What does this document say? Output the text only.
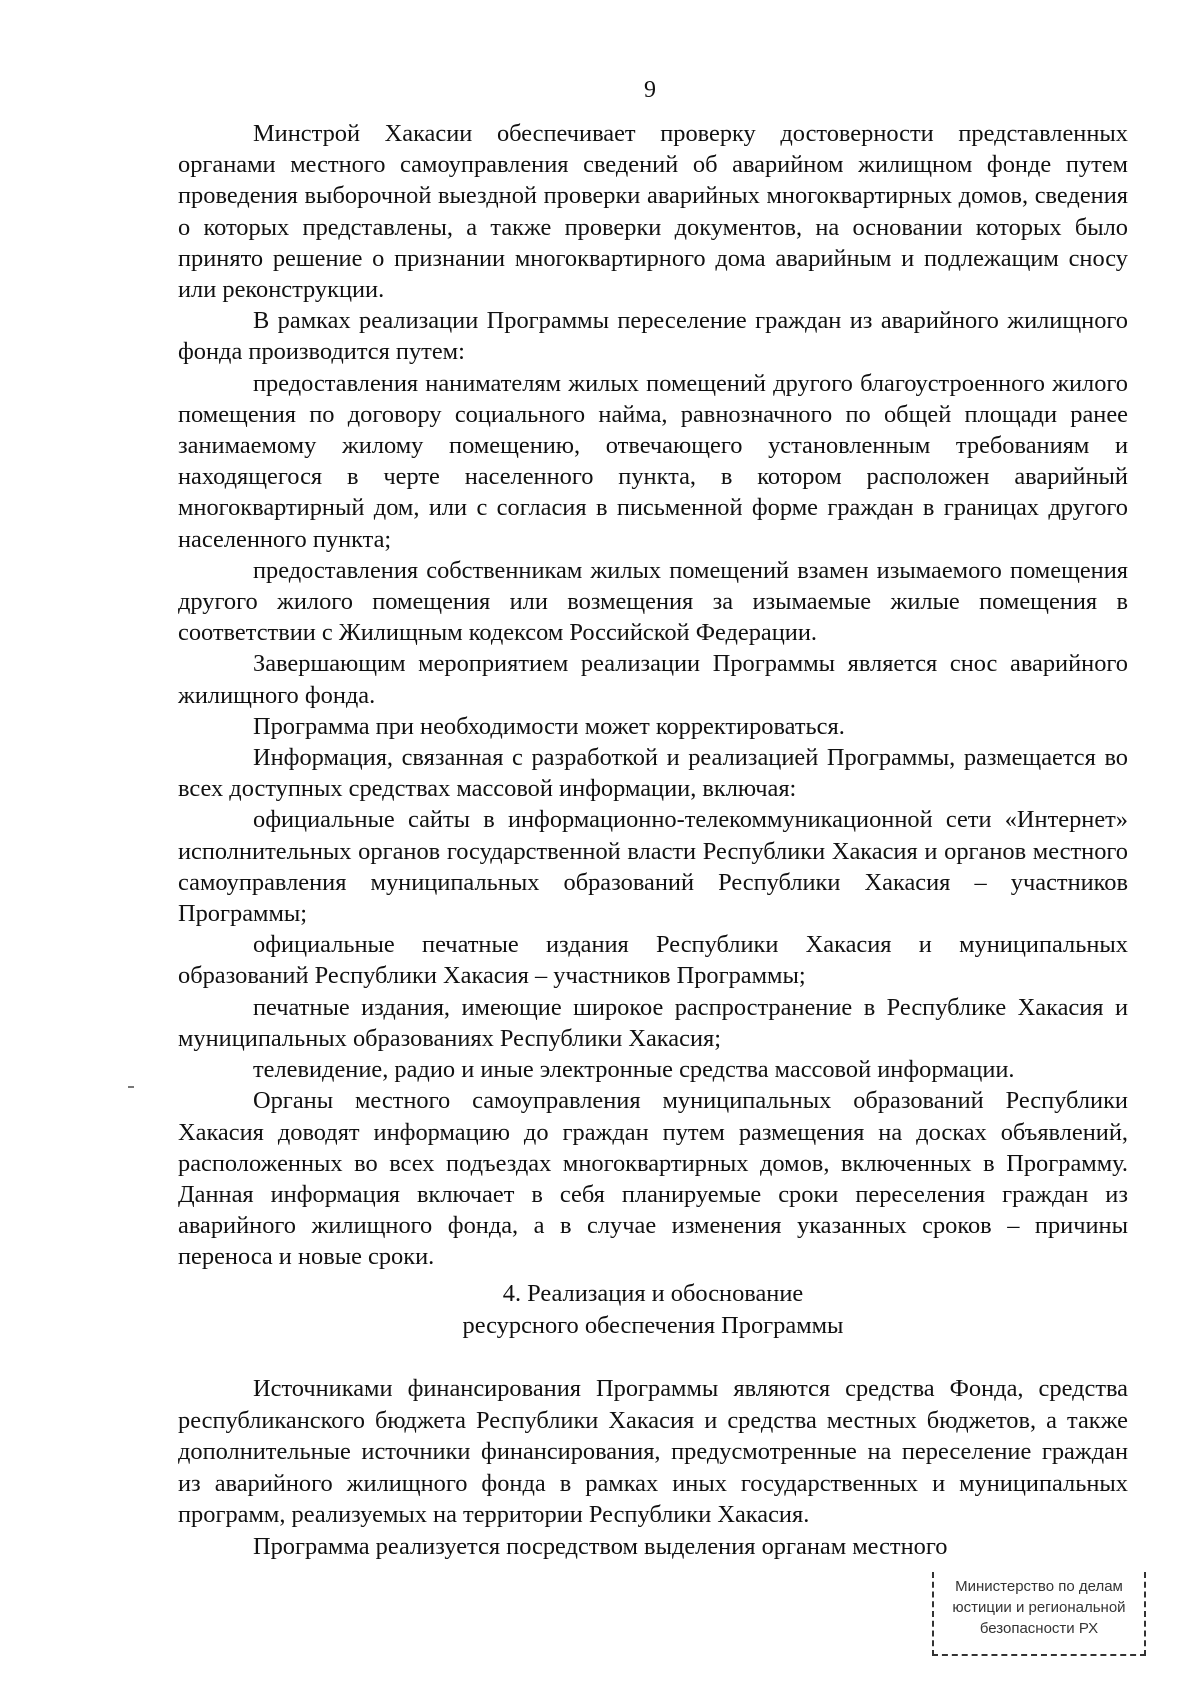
9

Минстрой Хакасии обеспечивает проверку достоверности представленных органами местного самоуправления сведений об аварийном жилищном фонде путем проведения выборочной выездной проверки аварийных многоквартирных домов, сведения о которых представлены, а также проверки документов, на основании которых было принято решение о признании многоквартирного дома аварийным и подлежащим сносу или реконструкции.

В рамках реализации Программы переселение граждан из аварийного жилищного фонда производится путем:

предоставления нанимателям жилых помещений другого благоустроенного жилого помещения по договору социального найма, равнозначного по общей площади ранее занимаемому жилому помещению, отвечающего установленным требованиям и находящегося в черте населенного пункта, в котором расположен аварийный многоквартирный дом, или с согласия в письменной форме граждан в границах другого населенного пункта;

предоставления собственникам жилых помещений взамен изымаемого помещения другого жилого помещения или возмещения за изымаемые жилые помещения в соответствии с Жилищным кодексом Российской Федерации.

Завершающим мероприятием реализации Программы является снос аварийного жилищного фонда.

Программа при необходимости может корректироваться.

Информация, связанная с разработкой и реализацией Программы, размещается во всех доступных средствах массовой информации, включая:

официальные сайты в информационно-телекоммуникационной сети «Интернет» исполнительных органов государственной власти Республики Хакасия и органов местного самоуправления муниципальных образований Республики Хакасия – участников Программы;

официальные печатные издания Республики Хакасия и муниципальных образований Республики Хакасия – участников Программы;

печатные издания, имеющие широкое распространение в Республике Хакасия и муниципальных образованиях Республики Хакасия;

телевидение, радио и иные электронные средства массовой информации.

Органы местного самоуправления муниципальных образований Республики Хакасия доводят информацию до граждан путем размещения на досках объявлений, расположенных во всех подъездах многоквартирных домов, включенных в Программу. Данная информация включает в себя планируемые сроки переселения граждан из аварийного жилищного фонда, а в случае изменения указанных сроков – причины переноса и новые сроки.

4. Реализация и обоснование
ресурсного обеспечения Программы

Источниками финансирования Программы являются средства Фонда, средства республиканского бюджета Республики Хакасия и средства местных бюджетов, а также дополнительные источники финансирования, предусмотренные на переселение граждан из аварийного жилищного фонда в рамках иных государственных и муниципальных программ, реализуемых на территории Республики Хакасия.

Программа реализуется посредством выделения органам местного

Министерство по делам
юстиции и региональной
безопасности РХ
